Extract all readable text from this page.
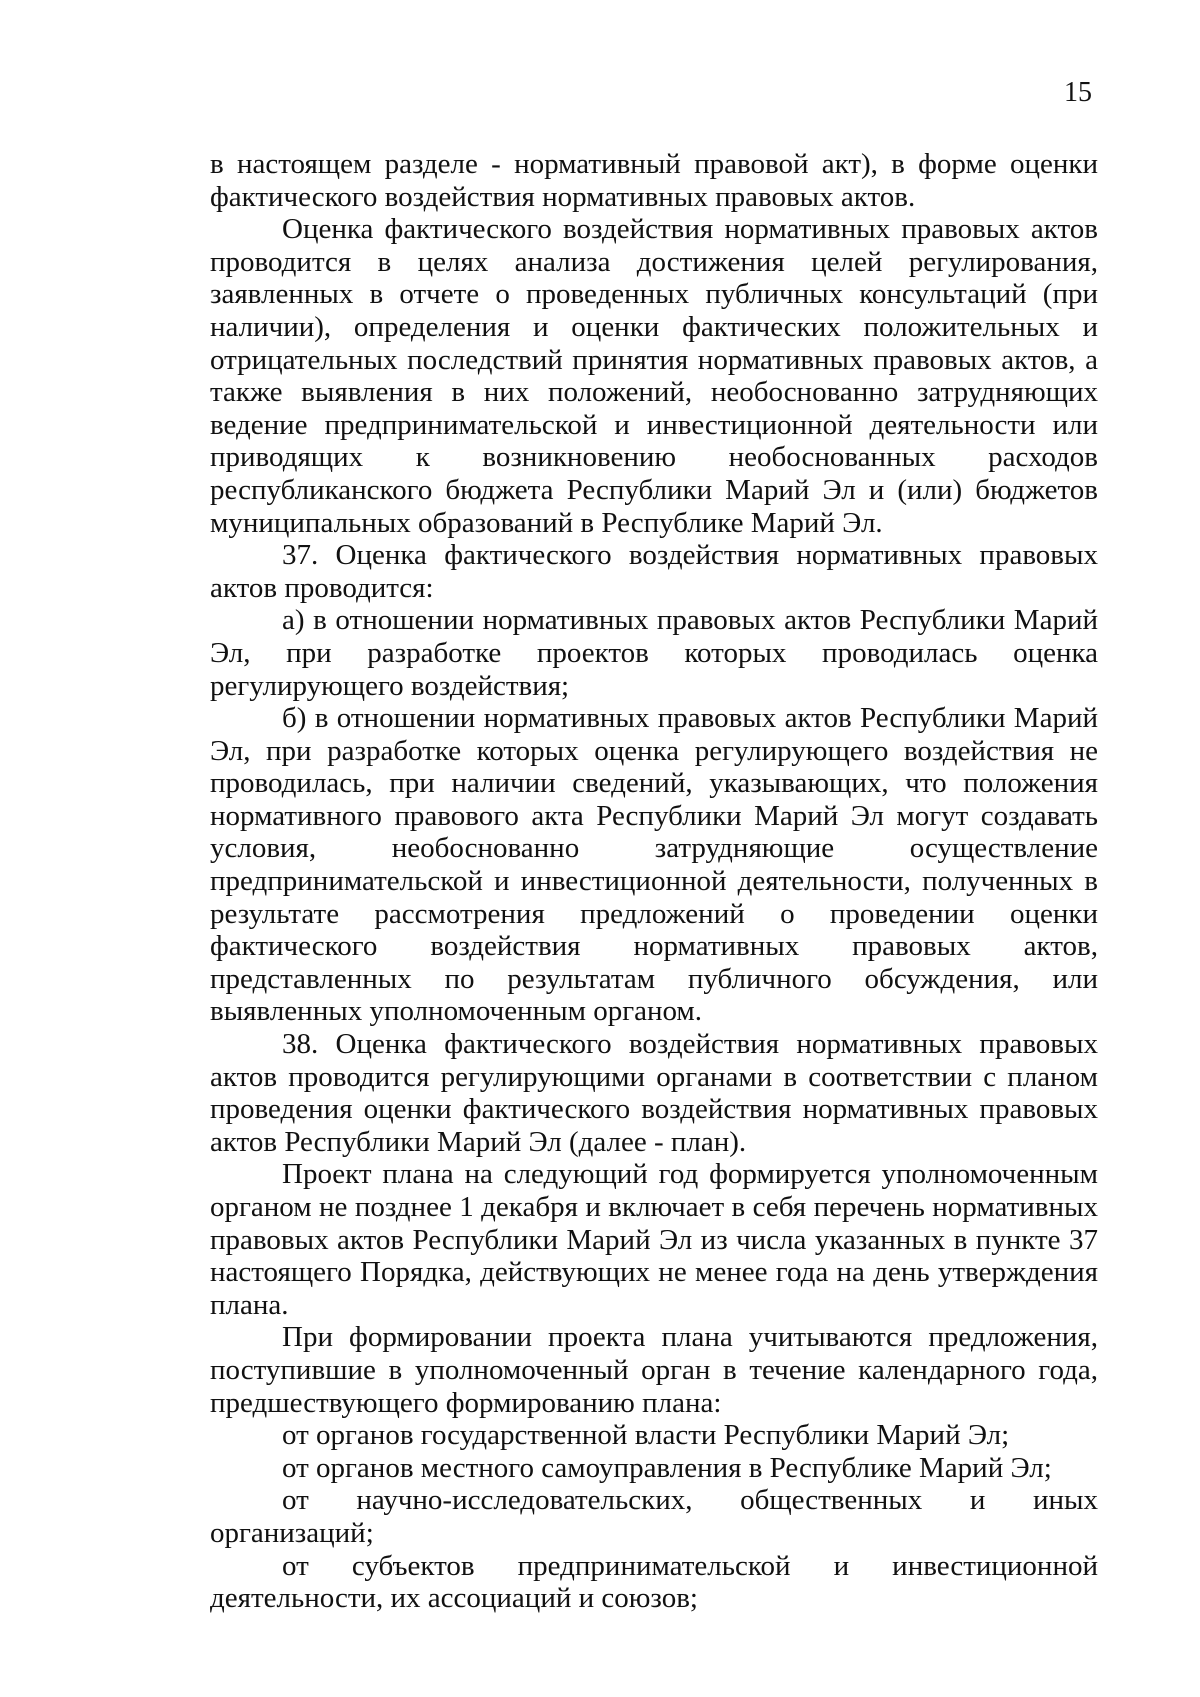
15

в настоящем разделе - нормативный правовой акт), в форме оценки фактического воздействия нормативных правовых актов.

Оценка фактического воздействия нормативных правовых актов проводится в целях анализа достижения целей регулирования, заявленных в отчете о проведенных публичных консультаций (при наличии), определения и оценки фактических положительных и отрицательных последствий принятия нормативных правовых актов, а также выявления в них положений, необоснованно затрудняющих ведение предпринимательской и инвестиционной деятельности или приводящих к возникновению необоснованных расходов республиканского бюджета Республики Марий Эл и (или) бюджетов муниципальных образований в Республике Марий Эл.

37. Оценка фактического воздействия нормативных правовых актов проводится:

а) в отношении нормативных правовых актов Республики Марий Эл, при разработке проектов которых проводилась оценка регулирующего воздействия;

б) в отношении нормативных правовых актов Республики Марий Эл, при разработке которых оценка регулирующего воздействия не проводилась, при наличии сведений, указывающих, что положения нормативного правового акта Республики Марий Эл могут создавать условия, необоснованно затрудняющие осуществление предпринимательской и инвестиционной деятельности, полученных в результате рассмотрения предложений о проведении оценки фактического воздействия нормативных правовых актов, представленных по результатам публичного обсуждения, или выявленных уполномоченным органом.

38. Оценка фактического воздействия нормативных правовых актов проводится регулирующими органами в соответствии с планом проведения оценки фактического воздействия нормативных правовых актов Республики Марий Эл (далее - план).

Проект плана на следующий год формируется уполномоченным органом не позднее 1 декабря и включает в себя перечень нормативных правовых актов Республики Марий Эл из числа указанных в пункте 37 настоящего Порядка, действующих не менее года на день утверждения плана.

При формировании проекта плана учитываются предложения, поступившие в уполномоченный орган в течение календарного года, предшествующего формированию плана:

от органов государственной власти Республики Марий Эл;

от органов местного самоуправления в Республике Марий Эл;

от научно-исследовательских, общественных и иных организаций;

от субъектов предпринимательской и инвестиционной деятельности, их ассоциаций и союзов;
